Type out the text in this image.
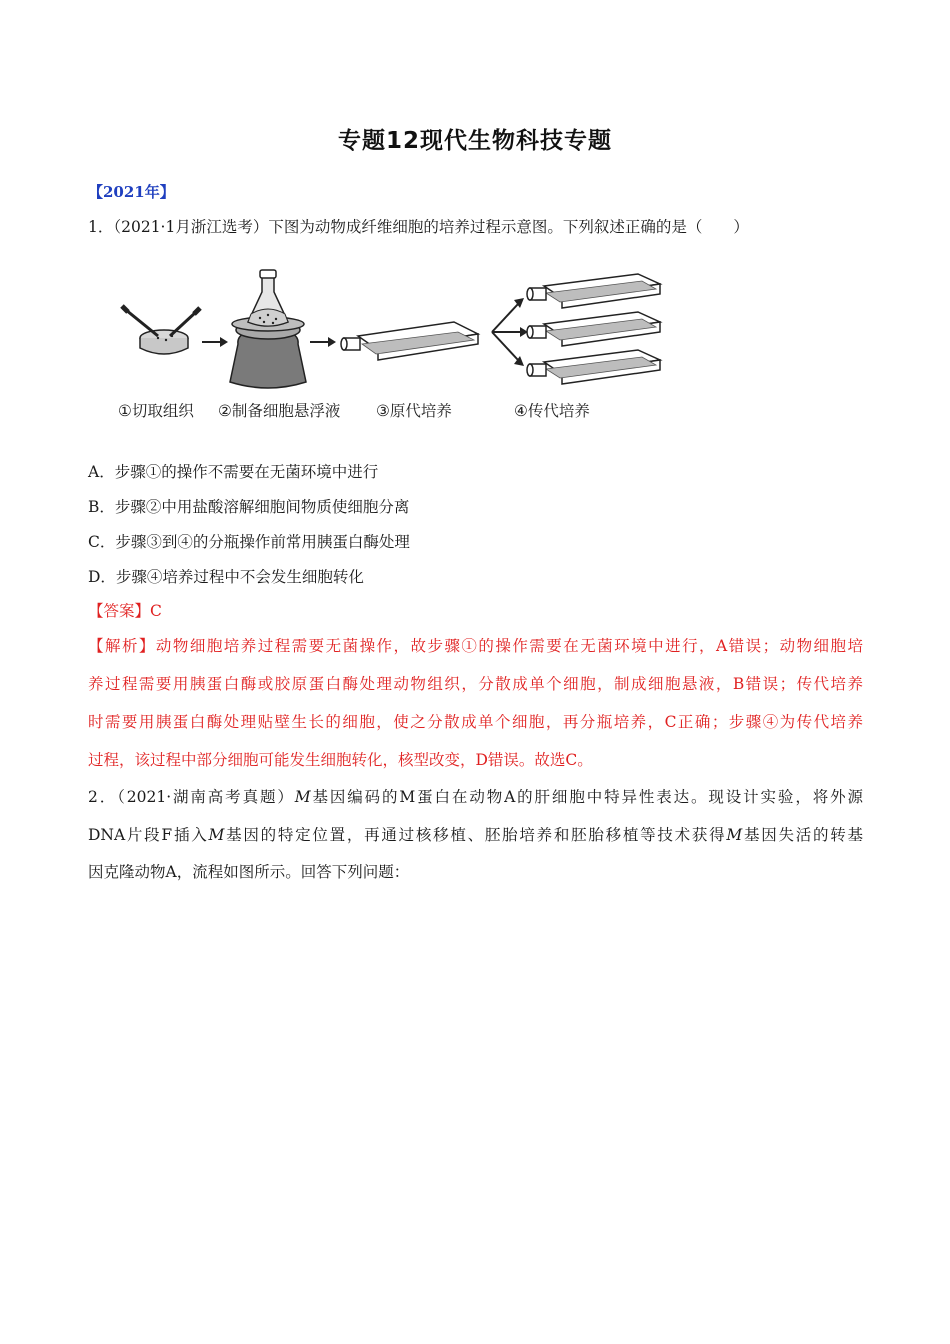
专题12现代生物科技专题
【2021年】
1．（2021·1月浙江选考）下图为动物成纤维细胞的培养过程示意图。下列叙述正确的是（　　）
①切取组织 ②制备细胞悬浮液 ③原代培养	④传代培养
A．步骤①的操作不需要在无菌环境中进行
B．步骤②中用盐酸溶解细胞间物质使细胞分离
C．步骤③到④的分瓶操作前常用胰蛋白酶处理
D．步骤④培养过程中不会发生细胞转化
【答案】C
【解析】动物细胞培养过程需要无菌操作，故步骤①的操作需要在无菌环境中进行，A错误；动物细胞培
养过程需要用胰蛋白酶或胶原蛋白酶处理动物组织，分散成单个细胞，制成细胞悬液，B错误；传代培养
时需要用胰蛋白酶处理贴壁生长的细胞，使之分散成单个细胞，再分瓶培养，C正确；步骤④为传代培养
过程，该过程中部分细胞可能发生细胞转化，核型改变，D错误。故选C。
2．（2021·湖南高考真题）M基因编码的M蛋白在动物A的肝细胞中特异性表达。现设计实验，将外源
DNA片段F插入M基因的特定位置，再通过核移植、胚胎培养和胚胎移植等技术获得M基因失活的转基
因克隆动物A，流程如图所示。回答下列问题：
